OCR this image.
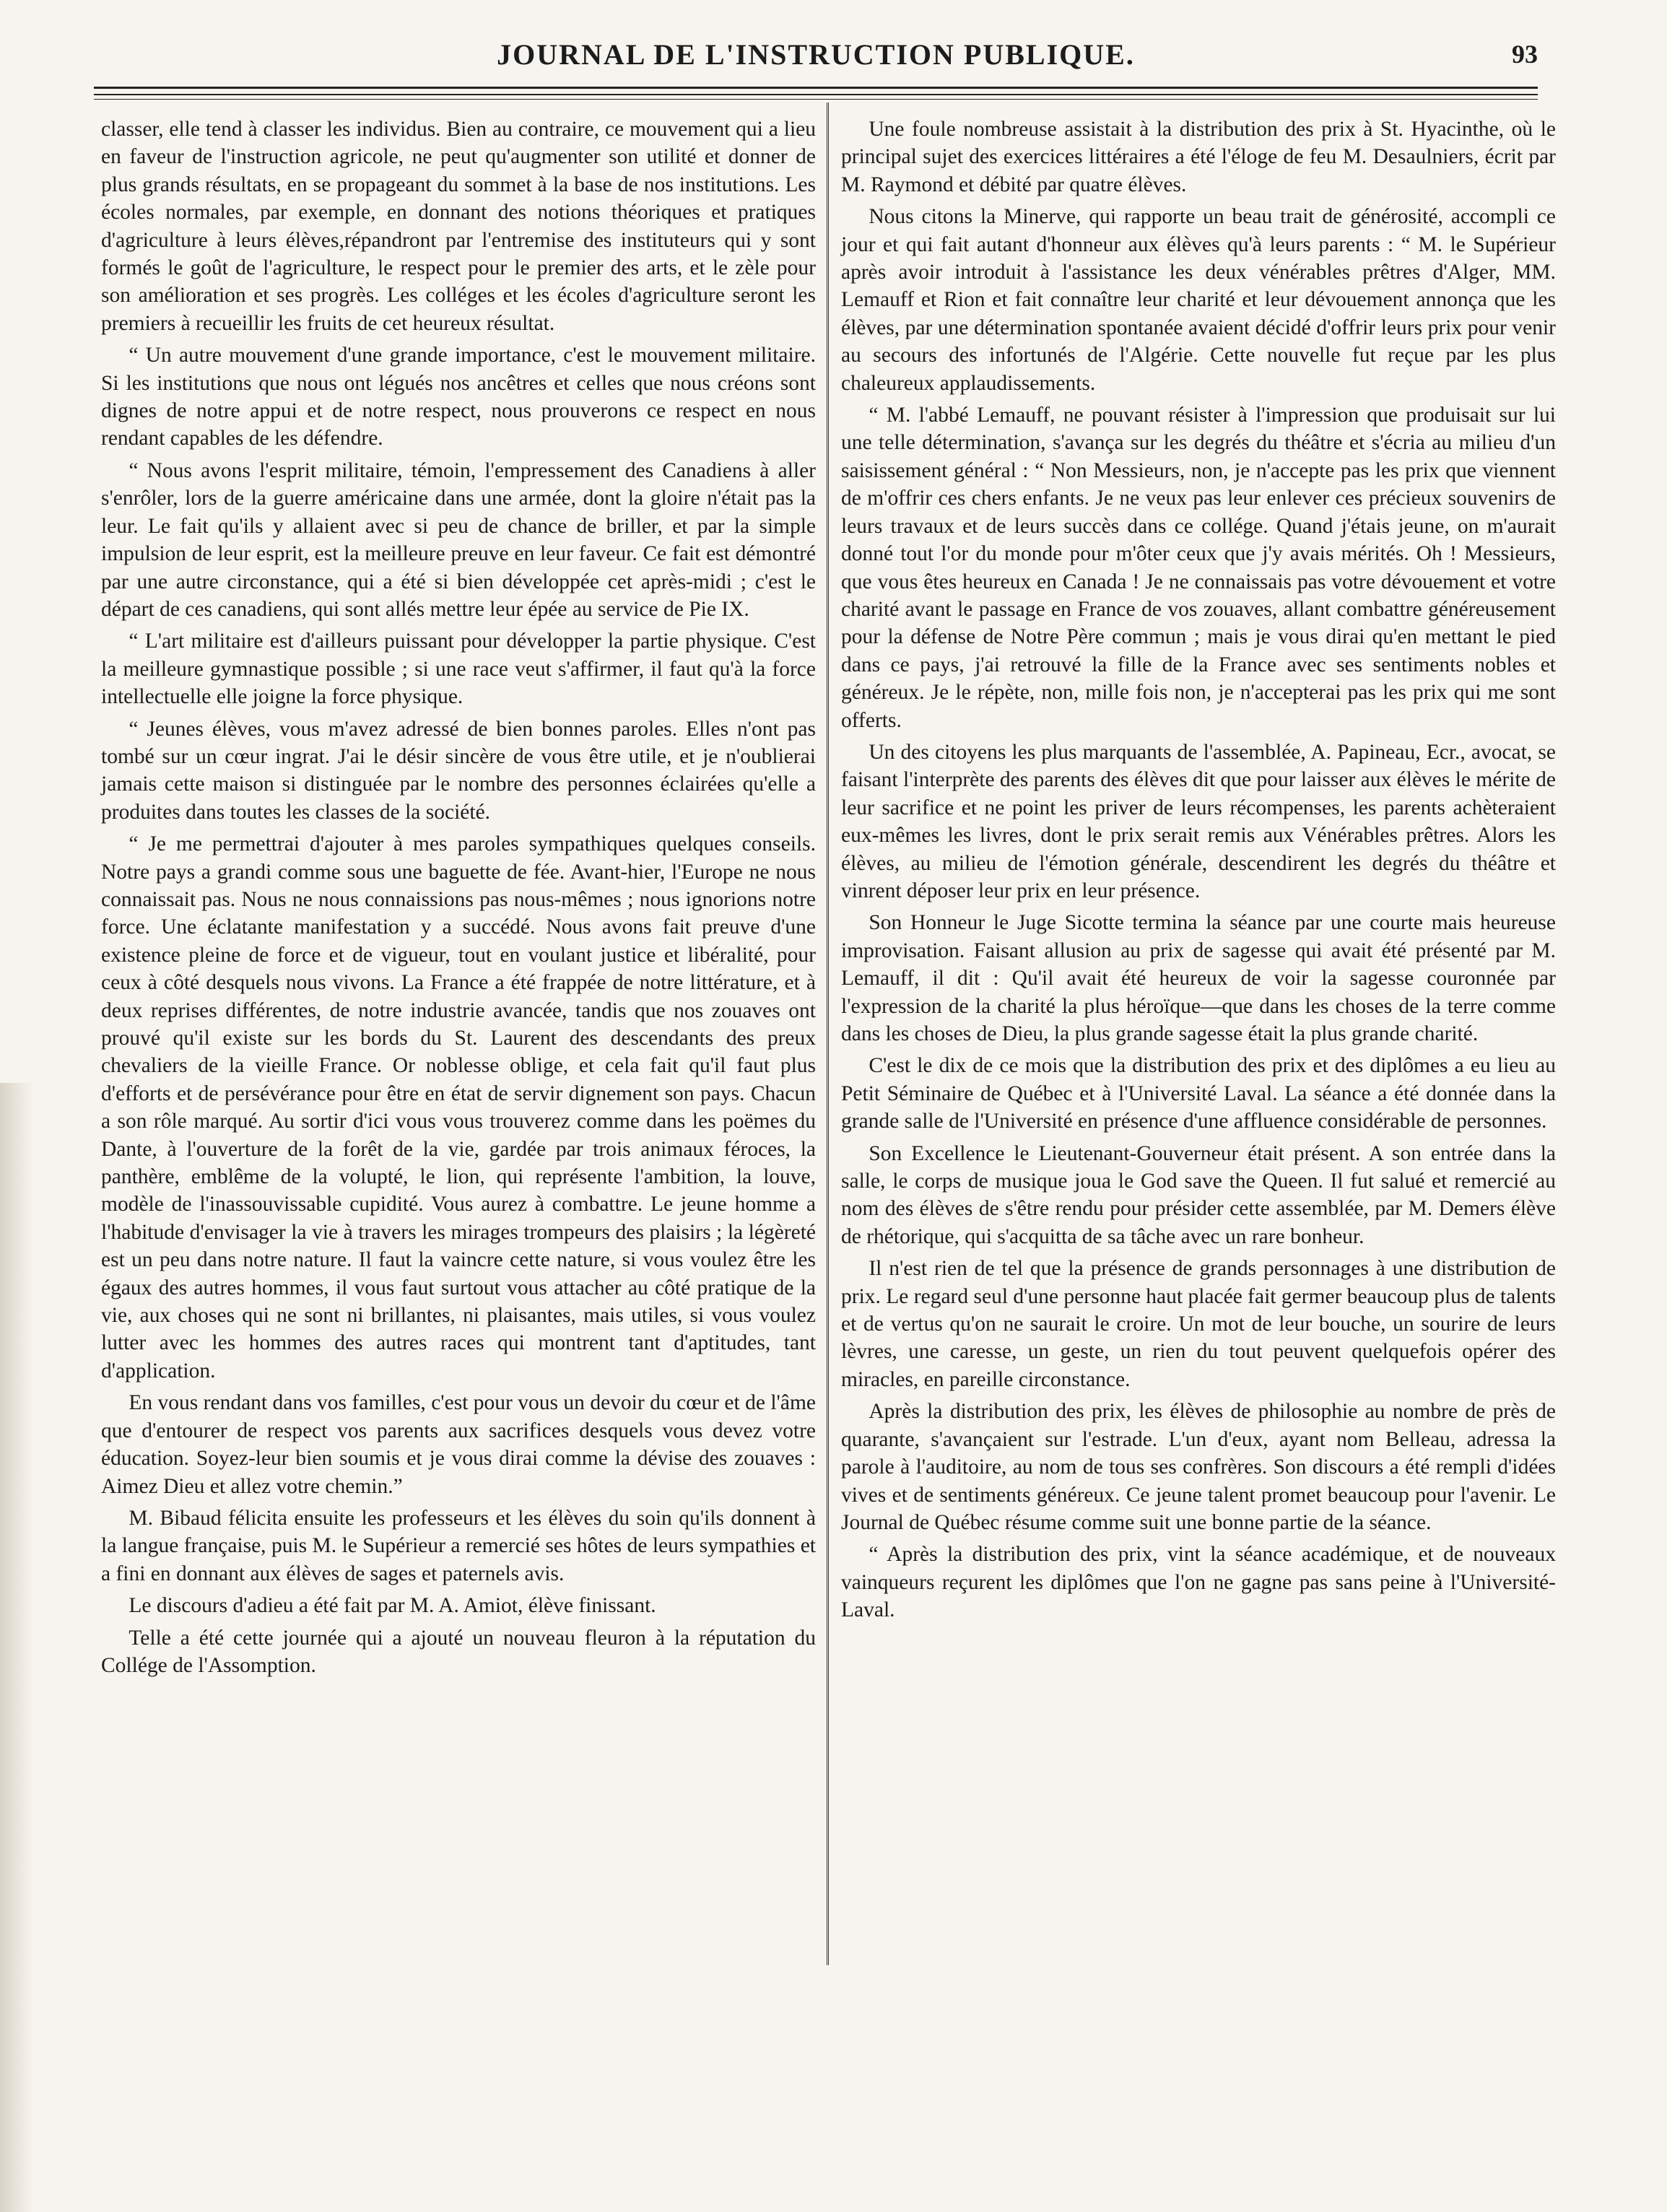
JOURNAL DE L'INSTRUCTION PUBLIQUE.	93

classer, elle tend à classer les individus. Bien au contraire, ce mouvement qui a lieu en faveur de l'instruction agricole, ne peut qu'augmenter son utilité et donner de plus grands résultats, en se propageant du sommet à la base de nos institutions. Les écoles normales, par exemple, en donnant des notions théoriques et pratiques d'agriculture à leurs élèves,répandront par l'entremise des instituteurs qui y sont formés le goût de l'agriculture, le respect pour le premier des arts, et le zèle pour son amélioration et ses progrès. Les colléges et les écoles d'agriculture seront les premiers à recueillir les fruits de cet heureux résultat.

“ Un autre mouvement d'une grande importance, c'est le mouvement militaire. Si les institutions que nous ont légués nos ancêtres et celles que nous créons sont dignes de notre appui et de notre respect, nous prouverons ce respect en nous rendant capables de les défendre.

“ Nous avons l'esprit militaire, témoin, l'empressement des Canadiens à aller s'enrôler, lors de la guerre américaine dans une armée, dont la gloire n'était pas la leur. Le fait qu'ils y allaient avec si peu de chance de briller, et par la simple impulsion de leur esprit, est la meilleure preuve en leur faveur. Ce fait est démontré par une autre circonstance, qui a été si bien développée cet après-midi ; c'est le départ de ces canadiens, qui sont allés mettre leur épée au service de Pie IX.

“ L'art militaire est d'ailleurs puissant pour développer la partie physique. C'est la meilleure gymnastique possible ; si une race veut s'affirmer, il faut qu'à la force intellectuelle elle joigne la force physique.

“ Jeunes élèves, vous m'avez adressé de bien bonnes paroles. Elles n'ont pas tombé sur un cœur ingrat. J'ai le désir sincère de vous être utile, et je n'oublierai jamais cette maison si distinguée par le nombre des personnes éclairées qu'elle a produites dans toutes les classes de la société.

“ Je me permettrai d'ajouter à mes paroles sympathiques quelques conseils. Notre pays a grandi comme sous une baguette de fée. Avant-hier, l'Europe ne nous connaissait pas. Nous ne nous connaissions pas nous-mêmes ; nous ignorions notre force. Une éclatante manifestation y a succédé. Nous avons fait preuve d'une existence pleine de force et de vigueur, tout en voulant justice et libéralité, pour ceux à côté desquels nous vivons. La France a été frappée de notre littérature, et à deux reprises différentes, de notre industrie avancée, tandis que nos zouaves ont prouvé qu'il existe sur les bords du St. Laurent des descendants des preux chevaliers de la vieille France. Or noblesse oblige, et cela fait qu'il faut plus d'efforts et de persévérance pour être en état de servir dignement son pays. Chacun a son rôle marqué. Au sortir d'ici vous vous trouverez comme dans les poëmes du Dante, à l'ouverture de la forêt de la vie, gardée par trois animaux féroces, la panthère, emblême de la volupté, le lion, qui représente l'ambition, la louve, modèle de l'inassouvissable cupidité. Vous aurez à combattre. Le jeune homme a l'habitude d'envisager la vie à travers les mirages trompeurs des plaisirs ; la légèreté est un peu dans notre nature. Il faut la vaincre cette nature, si vous voulez être les égaux des autres hommes, il vous faut surtout vous attacher au côté pratique de la vie, aux choses qui ne sont ni brillantes, ni plaisantes, mais utiles, si vous voulez lutter avec les hommes des autres races qui montrent tant d'aptitudes, tant d'application.

En vous rendant dans vos familles, c'est pour vous un devoir du cœur et de l'âme que d'entourer de respect vos parents aux sacrifices desquels vous devez votre éducation. Soyez-leur bien soumis et je vous dirai comme la dévise des zouaves : Aimez Dieu et allez votre chemin.”

M. Bibaud félicita ensuite les professeurs et les élèves du soin qu'ils donnent à la langue française, puis M. le Supérieur a remercié ses hôtes de leurs sympathies et a fini en donnant aux élèves de sages et paternels avis.

Le discours d'adieu a été fait par M. A. Amiot, élève finissant.

Telle a été cette journée qui a ajouté un nouveau fleuron à la réputation du Collége de l'Assomption.

Une foule nombreuse assistait à la distribution des prix à St. Hyacinthe, où le principal sujet des exercices littéraires a été l'éloge de feu M. Desaulniers, écrit par M. Raymond et débité par quatre élèves.

Nous citons la Minerve, qui rapporte un beau trait de générosité, accompli ce jour et qui fait autant d'honneur aux élèves qu'à leurs parents : “ M. le Supérieur après avoir introduit à l'assistance les deux vénérables prêtres d'Alger, MM. Lemauff et Rion et fait connaître leur charité et leur dévouement annonça que les élèves, par une détermination spontanée avaient décidé d'offrir leurs prix pour venir au secours des infortunés de l'Algérie. Cette nouvelle fut reçue par les plus chaleureux applaudissements.

“ M. l'abbé Lemauff, ne pouvant résister à l'impression que produisait sur lui une telle détermination, s'avança sur les degrés du théâtre et s'écria au milieu d'un saisissement général : “ Non Messieurs, non, je n'accepte pas les prix que viennent de m'offrir ces chers enfants. Je ne veux pas leur enlever ces précieux souvenirs de leurs travaux et de leurs succès dans ce collége. Quand j'étais jeune, on m'aurait donné tout l'or du monde pour m'ôter ceux que j'y avais mérités. Oh ! Messieurs, que vous êtes heureux en Canada ! Je ne connaissais pas votre dévouement et votre charité avant le passage en France de vos zouaves, allant combattre généreusement pour la défense de Notre Père commun ; mais je vous dirai qu'en mettant le pied dans ce pays, j'ai retrouvé la fille de la France avec ses sentiments nobles et généreux. Je le répète, non, mille fois non, je n'accepterai pas les prix qui me sont offerts.

Un des citoyens les plus marquants de l'assemblée, A. Papineau, Ecr., avocat, se faisant l'interprète des parents des élèves dit que pour laisser aux élèves le mérite de leur sacrifice et ne point les priver de leurs récompenses, les parents achèteraient eux-mêmes les livres, dont le prix serait remis aux Vénérables prêtres. Alors les élèves, au milieu de l'émotion générale, descendirent les degrés du théâtre et vinrent déposer leur prix en leur présence.

Son Honneur le Juge Sicotte termina la séance par une courte mais heureuse improvisation. Faisant allusion au prix de sagesse qui avait été présenté par M. Lemauff, il dit : Qu'il avait été heureux de voir la sagesse couronnée par l'expression de la charité la plus héroïque—que dans les choses de la terre comme dans les choses de Dieu, la plus grande sagesse était la plus grande charité.

C'est le dix de ce mois que la distribution des prix et des diplômes a eu lieu au Petit Séminaire de Québec et à l'Université Laval. La séance a été donnée dans la grande salle de l'Université en présence d'une affluence considérable de personnes.

Son Excellence le Lieutenant-Gouverneur était présent. A son entrée dans la salle, le corps de musique joua le God save the Queen. Il fut salué et remercié au nom des élèves de s'être rendu pour présider cette assemblée, par M. Demers élève de rhétorique, qui s'acquitta de sa tâche avec un rare bonheur.

Il n'est rien de tel que la présence de grands personnages à une distribution de prix. Le regard seul d'une personne haut placée fait germer beaucoup plus de talents et de vertus qu'on ne saurait le croire. Un mot de leur bouche, un sourire de leurs lèvres, une caresse, un geste, un rien du tout peuvent quelquefois opérer des miracles, en pareille circonstance.

Après la distribution des prix, les élèves de philosophie au nombre de près de quarante, s'avançaient sur l'estrade. L'un d'eux, ayant nom Belleau, adressa la parole à l'auditoire, au nom de tous ses confrères. Son discours a été rempli d'idées vives et de sentiments généreux. Ce jeune talent promet beaucoup pour l'avenir. Le Journal de Québec résume comme suit une bonne partie de la séance.

“ Après la distribution des prix, vint la séance académique, et de nouveaux vainqueurs reçurent les diplômes que l'on ne gagne pas sans peine à l'Université-Laval.
